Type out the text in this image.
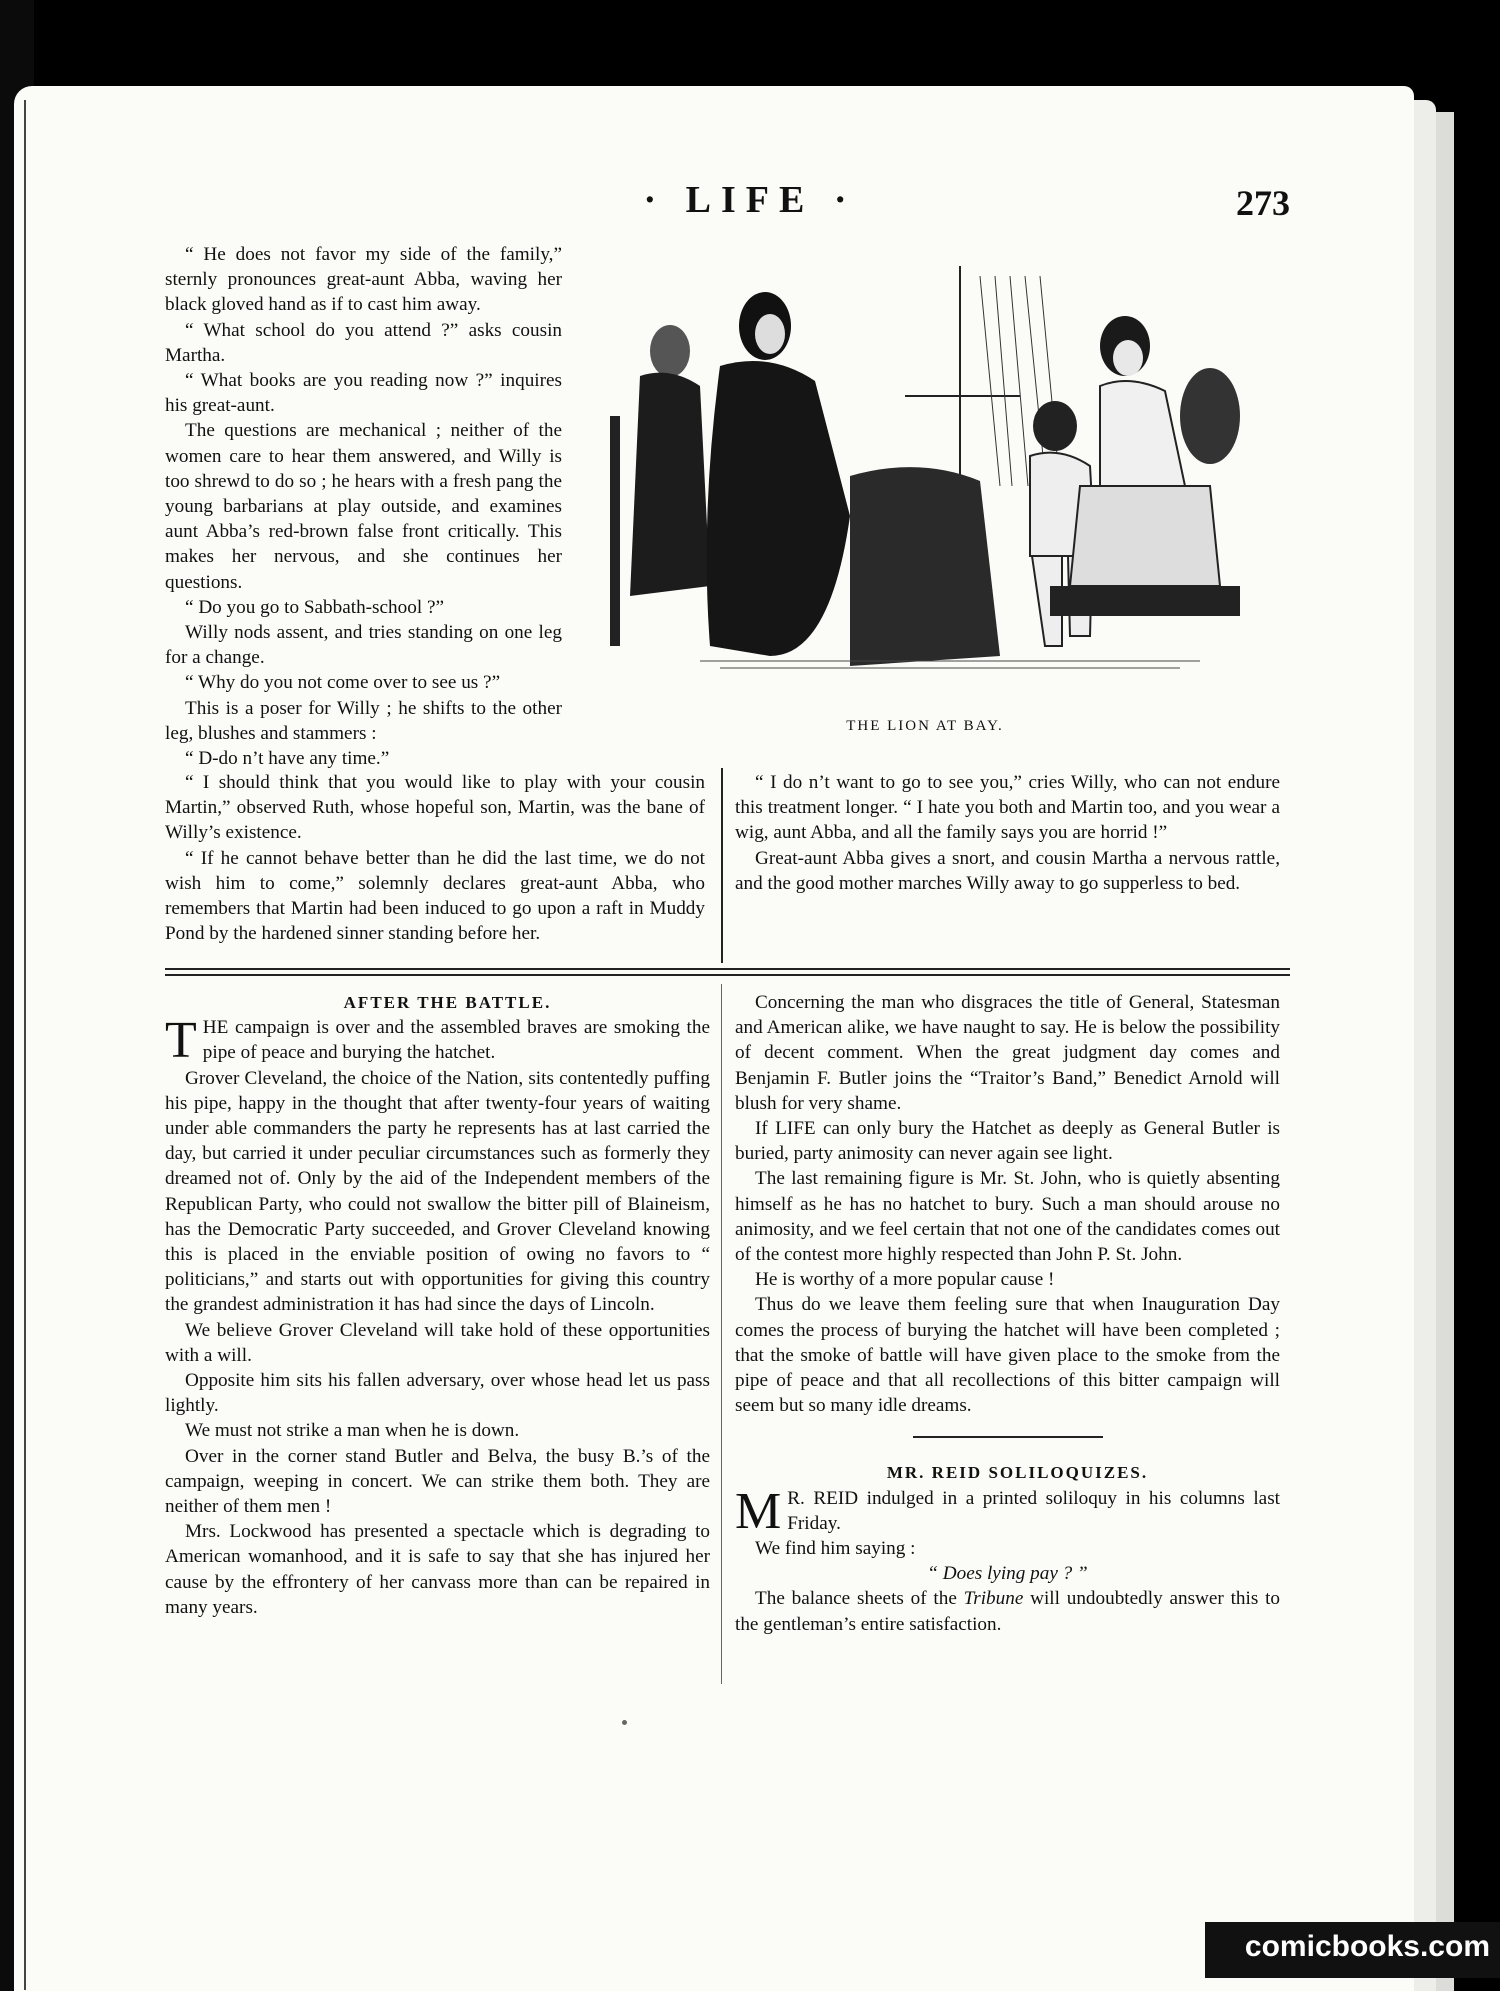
· LIFE ·	273

“ He does not favor my side of the family,” sternly pronounces great-aunt Abba, waving her black gloved hand as if to cast him away.

“ What school do you attend ?” asks cousin Martha.

“ What books are you reading now ?” inquires his great-aunt.

The questions are mechanical ; neither of the women care to hear them answered, and Willy is too shrewd to do so ; he hears with a fresh pang the young barbarians at play outside, and examines aunt Abba’s red-brown false front critically. This makes her nervous, and she continues her questions.

“ Do you go to Sabbath-school ?”

Willy nods assent, and tries standing on one leg for a change.

“ Why do you not come over to see us ?”

This is a poser for Willy ; he shifts to the other leg, blushes and stammers :

“ D-do n’t have any time.”

“ I should think that you would like to play with your cousin Martin,” observed Ruth, whose hopeful son, Martin, was the bane of Willy’s existence.

“ If he cannot behave better than he did the last time, we do not wish him to come,” solemnly declares great-aunt Abba, who remembers that Martin had been induced to go upon a raft in Muddy Pond by the hardened sinner standing before her.

THE LION AT BAY.

“ I do n’t want to go to see you,” cries Willy, who can not endure this treatment longer. “ I hate you both and Martin too, and you wear a wig, aunt Abba, and all the family says you are horrid !”

Great-aunt Abba gives a snort, and cousin Martha a nervous rattle, and the good mother marches Willy away to go supperless to bed.

AFTER THE BATTLE.

THE campaign is over and the assembled braves are smoking the pipe of peace and burying the hatchet.

Grover Cleveland, the choice of the Nation, sits contentedly puffing his pipe, happy in the thought that after twenty-four years of waiting under able commanders the party he represents has at last carried the day, but carried it under peculiar circumstances such as formerly they dreamed not of. Only by the aid of the Independent members of the Republican Party, who could not swallow the bitter pill of Blaineism, has the Democratic Party succeeded, and Grover Cleveland knowing this is placed in the enviable position of owing no favors to “ politicians,” and starts out with opportunities for giving this country the grandest administration it has had since the days of Lincoln.

We believe Grover Cleveland will take hold of these opportunities with a will.

Opposite him sits his fallen adversary, over whose head let us pass lightly.

We must not strike a man when he is down.

Over in the corner stand Butler and Belva, the busy B.’s of the campaign, weeping in concert. We can strike them both. They are neither of them men !

Mrs. Lockwood has presented a spectacle which is degrading to American womanhood, and it is safe to say that she has injured her cause by the effrontery of her canvass more than can be repaired in many years.

Concerning the man who disgraces the title of General, Statesman and American alike, we have naught to say. He is below the possibility of decent comment. When the great judgment day comes and Benjamin F. Butler joins the “Traitor’s Band,” Benedict Arnold will blush for very shame.

If LIFE can only bury the Hatchet as deeply as General Butler is buried, party animosity can never again see light.

The last remaining figure is Mr. St. John, who is quietly absenting himself as he has no hatchet to bury. Such a man should arouse no animosity, and we feel certain that not one of the candidates comes out of the contest more highly respected than John P. St. John.

He is worthy of a more popular cause !

Thus do we leave them feeling sure that when Inauguration Day comes the process of burying the hatchet will have been completed ; that the smoke of battle will have given place to the smoke from the pipe of peace and that all recollections of this bitter campaign will seem but so many idle dreams.

MR. REID SOLILOQUIZES.

M R. REID indulged in a printed soliloquy in his columns last Friday.

We find him saying :

“ Does lying pay ? ”

The balance sheets of the Tribune will undoubtedly answer this to the gentleman’s entire satisfaction.

comicbooks.com
